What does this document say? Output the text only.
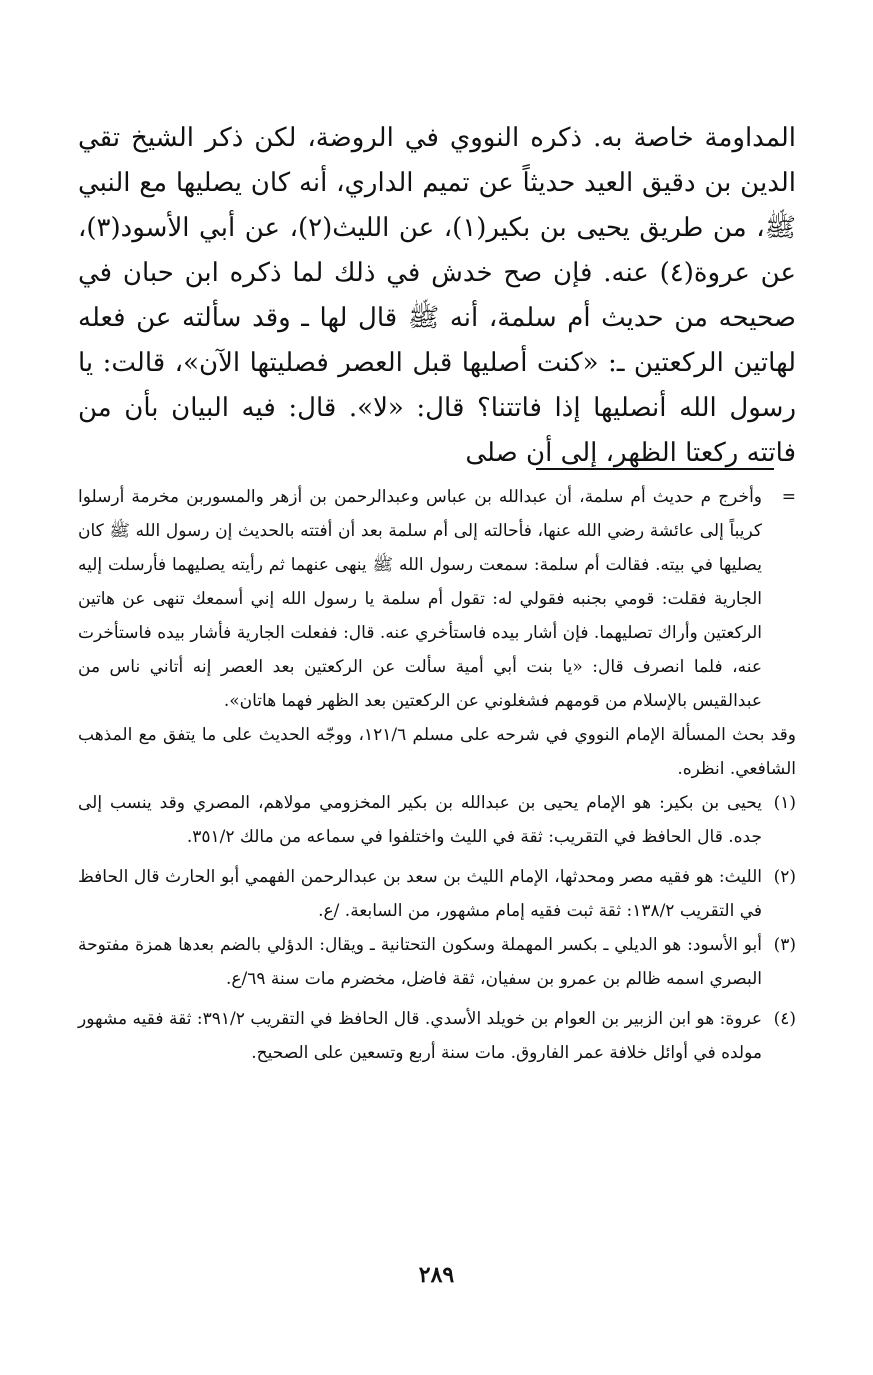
المداومة خاصة به. ذكره النووي في الروضة، لكن ذكر الشيخ تقي الدين بن دقيق العيد حديثاً عن تميم الداري، أنه كان يصليها مع النبي ﷺ، من طريق يحيى بن بكير(١)، عن الليث(٢)، عن أبي الأسود(٣)، عن عروة(٤) عنه. فإن صح خدش في ذلك لما ذكره ابن حبان في صحيحه من حديث أم سلمة، أنه ﷺ قال لها ـ وقد سألته عن فعله لهاتين الركعتين ـ: «كنت أصليها قبل العصر فصليتها الآن»، قالت: يا رسول الله أنصليها إذا فاتتنا؟ قال: «لا». قال: فيه البيان بأن من فاتته ركعتا الظهر، إلى أن صلى

=
وأخرج م حديث أم سلمة، أن عبدالله بن عباس وعبدالرحمن بن أزهر والمسوربن مخرمة أرسلوا كريباً إلى عائشة رضي الله عنها، فأحالته إلى أم سلمة بعد أن أفتته بالحديث إن رسول الله ﷺ كان يصليها في بيته. فقالت أم سلمة: سمعت رسول الله ﷺ ينهى عنهما ثم رأيته يصليهما فأرسلت إليه الجارية فقلت: قومي بجنبه فقولي له: تقول أم سلمة يا رسول الله إني أسمعك تنهى عن هاتين الركعتين وأراك تصليهما. فإن أشار بيده فاستأخري عنه. قال: ففعلت الجارية فأشار بيده فاستأخرت عنه، فلما انصرف قال: «يا بنت أبي أمية سألت عن الركعتين بعد العصر إنه أتاني ناس من عبدالقيس بالإسلام من قومهم فشغلوني عن الركعتين بعد الظهر فهما هاتان».

وقد بحث المسألة الإمام النووي في شرحه على مسلم ١٢١/٦، ووجّه الحديث على ما يتفق مع المذهب الشافعي. انظره.

(١)
يحيى بن بكير: هو الإمام يحيى بن عبدالله بن بكير المخزومي مولاهم، المصري وقد ينسب إلى جده. قال الحافظ في التقريب: ثقة في الليث واختلفوا في سماعه من مالك ٣٥١/٢.

(٢)
الليث: هو فقيه مصر ومحدثها، الإمام الليث بن سعد بن عبدالرحمن الفهمي أبو الحارث قال الحافظ في التقريب ١٣٨/٢: ثقة ثبت فقيه إمام مشهور، من السابعة. /ع.

(٣)
أبو الأسود: هو الديلي ـ بكسر المهملة وسكون التحتانية ـ ويقال: الدؤلي بالضم بعدها همزة مفتوحة البصري اسمه ظالم بن عمرو بن سفيان، ثقة فاضل، مخضرم مات سنة ٦٩/ع.

(٤)
عروة: هو ابن الزبير بن العوام بن خويلد الأسدي. قال الحافظ في التقريب ٣٩١/٢: ثقة فقيه مشهور مولده في أوائل خلافة عمر الفاروق. مات سنة أربع وتسعين على الصحيح.

٢٨٩
